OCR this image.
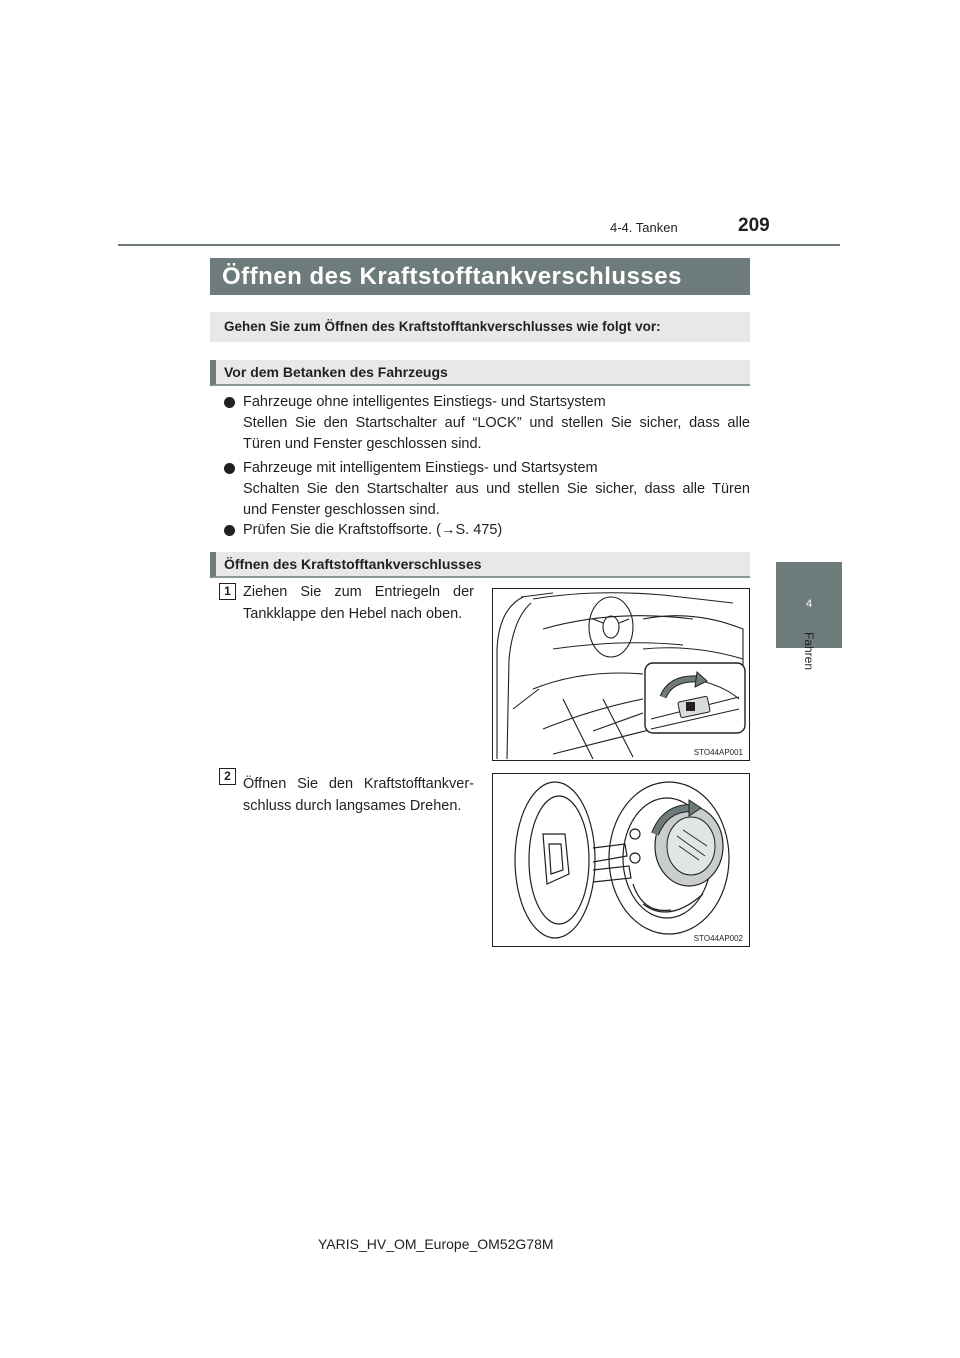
4-4. Tanken	209
4
Fahren
Öffnen des Kraftstofftankverschlusses

Gehen Sie zum Öffnen des Kraftstofftankverschlusses wie folgt vor:

Vor dem Betanken des Fahrzeugs
Fahrzeuge ohne intelligentes Einstiegs- und Startsystem
Stellen Sie den Startschalter auf “LOCK” und stellen Sie sicher, dass alle
Türen und Fenster geschlossen sind.
Fahrzeuge mit intelligentem Einstiegs- und Startsystem
Schalten Sie den Startschalter aus und stellen Sie sicher, dass alle Türen
und Fenster geschlossen sind.
Prüfen Sie die Kraftstoffsorte. (→S. 475)
Öffnen des Kraftstofftankverschlusses
1 Ziehen Sie zum Entriegeln der
Tankklappe den Hebel nach oben.
STO44AP001
2 Öffnen Sie den Kraftstofftankver-
schluss durch langsames Drehen.
STO44AP002
YARIS_HV_OM_Europe_OM52G78M
